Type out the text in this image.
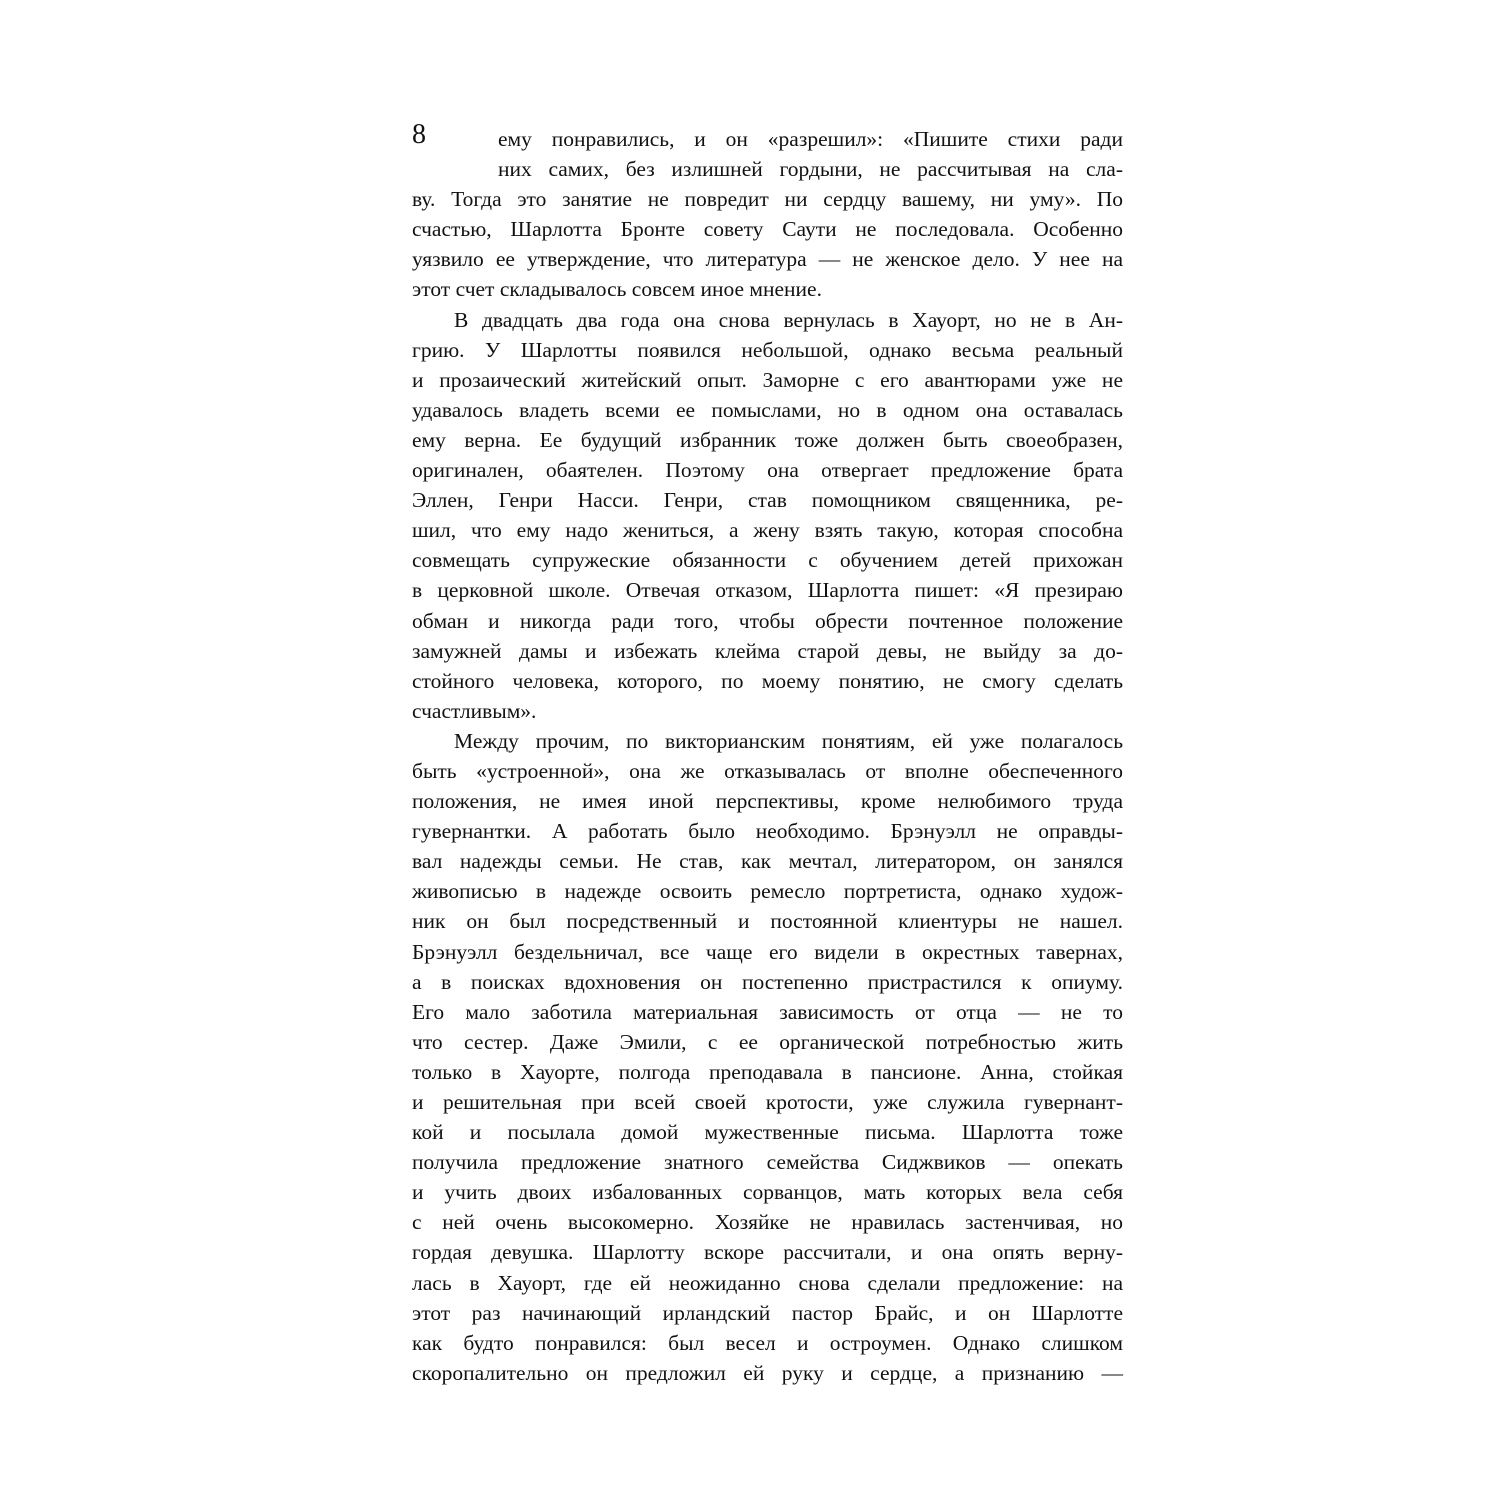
8	ему понравились, и он «разрешил»: «Пишите стихи ради
них самих, без излишней гордыни, не рассчитывая на сла-
ву. Тогда это занятие не повредит ни сердцу вашему, ни уму». По
счастью, Шарлотта Бронте совету Саути не последовала. Особенно
уязвило ее утверждение, что литература — не женское дело. У нее на
этот счет складывалось совсем иное мнение.
В двадцать два года она снова вернулась в Хауорт, но не в Ан-
грию. У Шарлотты появился небольшой, однако весьма реальный
и прозаический житейский опыт. Заморне с его авантюрами уже не
удавалось владеть всеми ее помыслами, но в одном она оставалась
ему верна. Ее будущий избранник тоже должен быть своеобразен,
оригинален, обаятелен. Поэтому она отвергает предложение брата
Эллен, Генри Насси. Генри, став помощником священника, ре-
шил, что ему надо жениться, а жену взять такую, которая способна
совмещать супружеские обязанности с обучением детей прихожан
в церковной школе. Отвечая отказом, Шарлотта пишет: «Я презираю
обман и никогда ради того, чтобы обрести почтенное положение
замужней дамы и избежать клейма старой девы, не выйду за до-
стойного человека, которого, по моему понятию, не смогу сделать
счастливым».
Между прочим, по викторианским понятиям, ей уже полагалось
быть «устроенной», она же отказывалась от вполне обеспеченного
положения, не имея иной перспективы, кроме нелюбимого труда
гувернантки. А работать было необходимо. Брэнуэлл не оправды-
вал надежды семьи. Не став, как мечтал, литератором, он занялся
живописью в надежде освоить ремесло портретиста, однако худож-
ник он был посредственный и постоянной клиентуры не нашел.
Брэнуэлл бездельничал, все чаще его видели в окрестных тавернах,
а в поисках вдохновения он постепенно пристрастился к опиуму.
Его мало заботила материальная зависимость от отца — не то
что сестер. Даже Эмили, с ее органической потребностью жить
только в Хауорте, полгода преподавала в пансионе. Анна, стойкая
и решительная при всей своей кротости, уже служила гувернант-
кой и посылала домой мужественные письма. Шарлотта тоже
получила предложение знатного семейства Сиджвиков — опекать
и учить двоих избалованных сорванцов, мать которых вела себя
с ней очень высокомерно. Хозяйке не нравилась застенчивая, но
гордая девушка. Шарлотту вскоре рассчитали, и она опять верну-
лась в Хауорт, где ей неожиданно снова сделали предложение: на
этот раз начинающий ирландский пастор Брайс, и он Шарлотте
как будто понравился: был весел и остроумен. Однако слишком
скоропалительно он предложил ей руку и сердце, а признанию —
